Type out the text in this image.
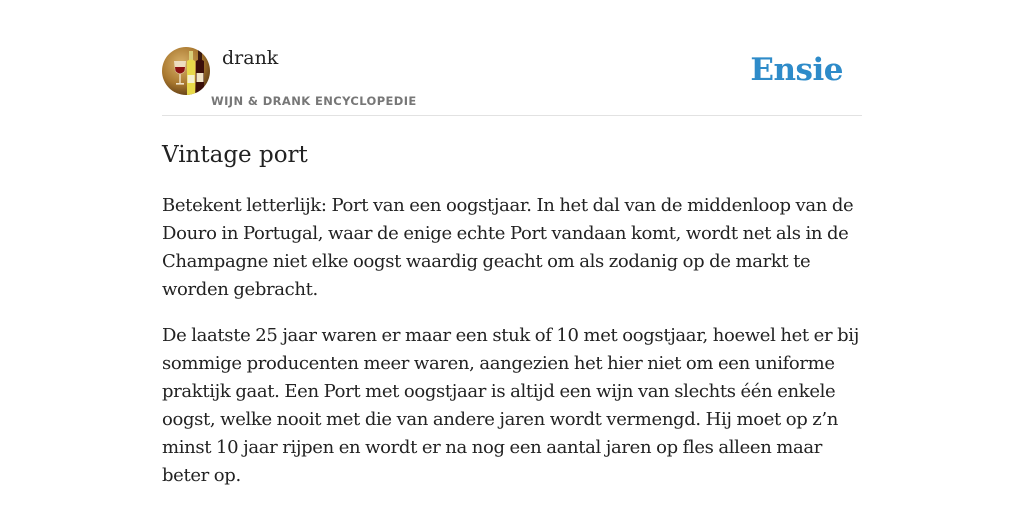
drank
WIJN & DRANK ENCYCLOPEDIE
Ensie
Vintage port

Betekent letterlijk: Port van een oogstjaar. In het dal van de middenloop van de Douro in Portugal, waar de enige echte Port vandaan komt, wordt net als in de Champagne niet elke oogst waardig geacht om als zodanig op de markt te worden gebracht.

De laatste 25 jaar waren er maar een stuk of 10 met oogstjaar, hoewel het er bij sommige producenten meer waren, aangezien het hier niet om een uniforme praktijk gaat. Een Port met oogstjaar is altijd een wijn van slechts één enkele oogst, welke nooit met die van andere jaren wordt vermengd. Hij moet op z’n minst 10 jaar rijpen en wordt er na nog een aantal jaren op fles alleen maar beter op.
